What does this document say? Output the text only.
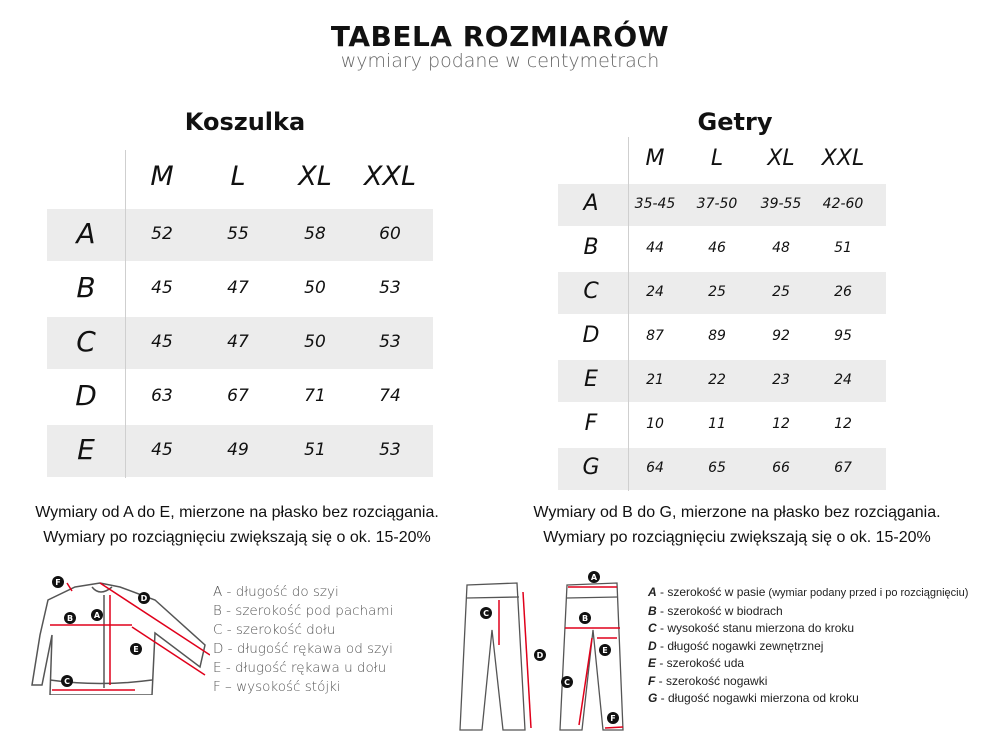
TABELA ROZMIARÓW
wymiary podane w centymetrach
Koszulka
M	L	XL	XXL
A	52	55	58	60
B	45	47	50	53
C	45	47	50	53
D	63	67	71	74
E	45	49	51	53
Getry
M	L	XL	XXL
A	35-45	37-50	39-55	42-60
B	44	46	48	51
C	24	25	25	26
D	87	89	92	95
E	21	22	23	24
F	10	11	12	12
G	64	65	66	67
Wymiary od A do E, mierzone na płasko bez rozciągania.
Wymiary po rozciągnięciu zwiększają się o ok. 15-20%
Wymiary od B do G, mierzone na płasko bez rozciągania.
Wymiary po rozciągnięciu zwiększają się o ok. 15-20%
A
B
C
D
E
F
A - długość do szyi
B - szerokość pod pachami
C - szerokość dołu
D - długość rękawa od szyi
E - długość rękawa u dołu
F – wysokość stójki
A
B
C
C
D
E
F
A - szerokość w pasie (wymiar podany przed i po rozciągnięciu)
B - szerokość w biodrach
C - wysokość stanu mierzona do kroku
D - długość nogawki zewnętrznej
E - szerokość uda
F - szerokość nogawki
G - długość nogawki mierzona od kroku
